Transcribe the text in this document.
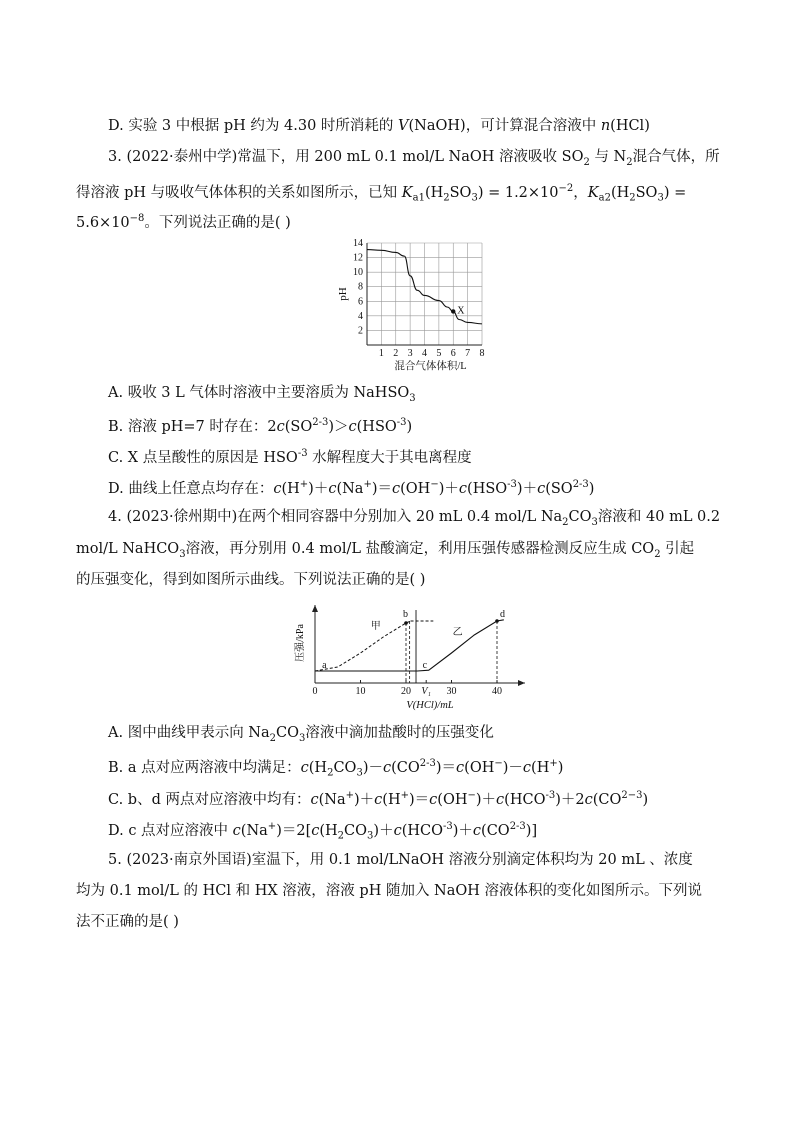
D. 实验 3 中根据 pH 约为 4.30 时所消耗的 V(NaOH)，可计算混合溶液中 n(HCl)
3. (2022·泰州中学)常温下，用 200 mL 0.1 mol/L NaOH 溶液吸收 $SO_2$ 与 $N_2$混合气体，所
得溶液 pH 与吸收气体体积的关系如图所示，已知 $K_{a1}(H_2SO_3) = 1.2\times 10^{-2}$，$K_{a2}(H_2SO_3)$ =
$5.6\times 10^{-8}$。下列说法正确的是( )
1 2 3 4 5 6 7 8
2
4
6
8
10
12
14
混合气体体积/L
pH
X
A. 吸收 3 L 气体时溶液中主要溶质为 NaHSO$_3$
B. 溶液 pH=7 时存在：$2c(SO^{2-3})>c(HSO^{-3})$
C. X 点呈酸性的原因是 $HSO^{-3}$ 水解程度大于其电离程度
D. 曲线上任意点均存在：$c(H^+)+c(Na^+)=c(OH^-)+c(HSO^{-3})+c(SO^{2-3})$
4. (2023·徐州期中)在两个相同容器中分别加入 20 mL 0.4 mol/L $Na_2CO_3$溶液和 40 mL 0.2
mol/L NaHCO$_3$溶液，再分别用 0.4 mol/L 盐酸滴定，利用压强传感器检测反应生成 $CO_2$ 引起
的压强变化，得到如图所示曲线。下列说法正确的是( )
0	10	20 V₁ 30	40
V(HCl)/mL
压强/kPa
a
b
c
d
甲
乙
A. 图中曲线甲表示向 $Na_2CO_3$溶液中滴加盐酸时的压强变化
B. a 点对应两溶液中均满足：$c(H_2CO_3)-c(CO^{2-3})=c(OH^-)-c(H^+)$
C. b、d 两点对应溶液中均有：$c(Na^+)+c(H^+)=c(OH^-)+c(HCO^{-3})+2c(CO^{2-3})$
D. c 点对应溶液中 $c(Na^+)=2[c(H_2CO_3)+c(HCO^{-3})+c(CO^{2-3})]$
5. (2023·南京外国语)室温下，用 0.1 mol/LNaOH 溶液分别滴定体积均为 20 mL 、浓度
均为 0.1 mol/L 的 HCl 和 HX 溶液，溶液 pH 随加入 NaOH 溶液体积的变化如图所示。下列说
法不正确的是( )
